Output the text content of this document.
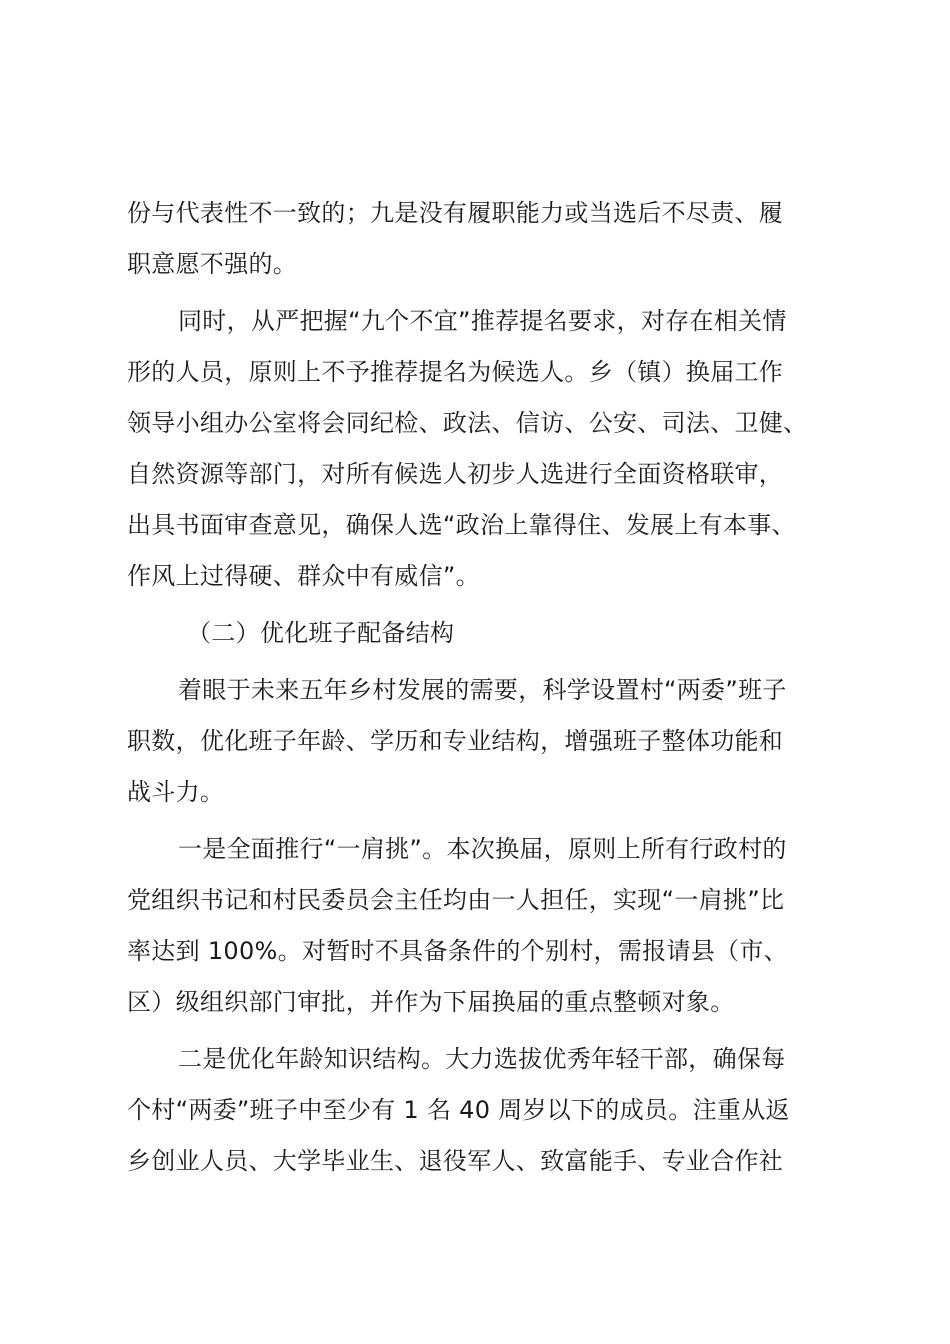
份与代表性不一致的；九是没有履职能力或当选后不尽责、履
职意愿不强的。

同时，从严把握“九个不宜”推荐提名要求，对存在相关情
形的人员，原则上不予推荐提名为候选人。乡（镇）换届工作
领导小组办公室将会同纪检、政法、信访、公安、司法、卫健、
自然资源等部门，对所有候选人初步人选进行全面资格联审，
出具书面审查意见，确保人选“政治上靠得住、发展上有本事、
作风上过得硬、群众中有威信”。

（二）优化班子配备结构

着眼于未来五年乡村发展的需要，科学设置村“两委”班子
职数，优化班子年龄、学历和专业结构，增强班子整体功能和
战斗力。

一是全面推行“一肩挑”。本次换届，原则上所有行政村的
党组织书记和村民委员会主任均由一人担任，实现“一肩挑”比
率达到 100%。对暂时不具备条件的个别村，需报请县（市、
区）级组织部门审批，并作为下届换届的重点整顿对象。

二是优化年龄知识结构。大力选拔优秀年轻干部，确保每
个村“两委”班子中至少有 1 名 40 周岁以下的成员。注重从返
乡创业人员、大学毕业生、退役军人、致富能手、专业合作社
